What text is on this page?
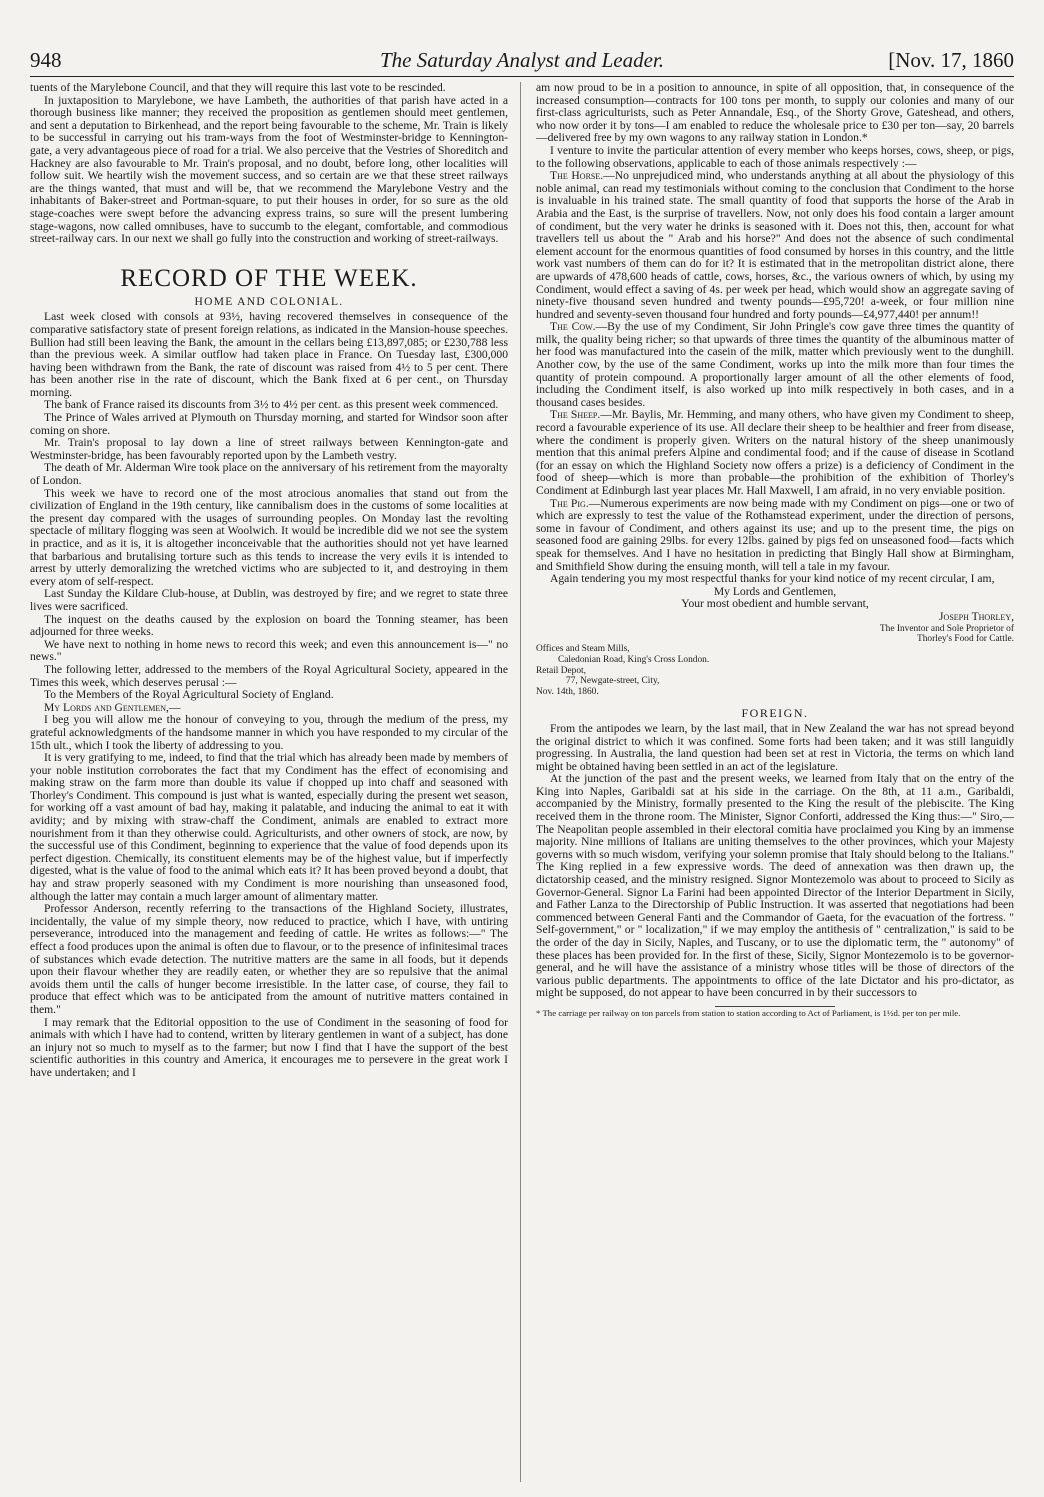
The Saturday Analyst and Leader.
948	[Nov. 17, 1860

tuents of the Marylebone Council, and that they will require this last vote to be rescinded.

In juxtaposition to Marylebone, we have Lambeth, the authorities of that parish have acted in a thorough business like manner; they received the proposition as gentlemen should meet gentlemen, and sent a deputation to Birkenhead, and the report being favourable to the scheme, Mr. Train is likely to be successful in carrying out his tram-ways from the foot of Westminster-bridge to Kennington-gate, a very advantageous piece of road for a trial. We also perceive that the Vestries of Shoreditch and Hackney are also favourable to Mr. Train's proposal, and no doubt, before long, other localities will follow suit. We heartily wish the movement success, and so certain are we that these street railways are the things wanted, that must and will be, that we recommend the Marylebone Vestry and the inhabitants of Baker-street and Portman-square, to put their houses in order, for so sure as the old stage-coaches were swept before the advancing express trains, so sure will the present lumbering stage-wagons, now called omnibuses, have to succumb to the elegant, comfortable, and commodious street-railway cars. In our next we shall go fully into the construction and working of street-railways.

RECORD OF THE WEEK.
HOME AND COLONIAL.

Last week closed with consols at 93½, having recovered themselves in consequence of the comparative satisfactory state of present foreign relations, as indicated in the Mansion-house speeches. Bullion had still been leaving the Bank, the amount in the cellars being £13,897,085; or £230,788 less than the previous week. A similar outflow had taken place in France. On Tuesday last, £300,000 having been withdrawn from the Bank, the rate of discount was raised from 4½ to 5 per cent. There has been another rise in the rate of discount, which the Bank fixed at 6 per cent., on Thursday morning.

The bank of France raised its discounts from 3½ to 4½ per cent. as this present week commenced.

The Prince of Wales arrived at Plymouth on Thursday morning, and started for Windsor soon after coming on shore.

Mr. Train's proposal to lay down a line of street railways between Kennington-gate and Westminster-bridge, has been favourably reported upon by the Lambeth vestry.

The death of Mr. Alderman Wire took place on the anniversary of his retirement from the mayoralty of London.

This week we have to record one of the most atrocious anomalies that stand out from the civilization of England in the 19th century, like cannibalism does in the customs of some localities at the present day compared with the usages of surrounding peoples. On Monday last the revolting spectacle of military flogging was seen at Woolwich. It would be incredible did we not see the system in practice, and as it is, it is altogether inconceivable that the authorities should not yet have learned that barbarious and brutalising torture such as this tends to increase the very evils it is intended to arrest by utterly demoralizing the wretched victims who are subjected to it, and destroying in them every atom of self-respect.

Last Sunday the Kildare Club-house, at Dublin, was destroyed by fire; and we regret to state three lives were sacrificed.

The inquest on the deaths caused by the explosion on board the Tonning steamer, has been adjourned for three weeks.

We have next to nothing in home news to record this week; and even this announcement is—" no news."

The following letter, addressed to the members of the Royal Agricultural Society, appeared in the Times this week, which deserves perusal :—

To the Members of the Royal Agricultural Society of England.

My Lords and Gentlemen,—

I beg you will allow me the honour of conveying to you, through the medium of the press, my grateful acknowledgments of the handsome manner in which you have responded to my circular of the 15th ult., which I took the liberty of addressing to you.

It is very gratifying to me, indeed, to find that the trial which has already been made by members of your noble institution corroborates the fact that my Condiment has the effect of economising and making straw on the farm more than double its value if chopped up into chaff and seasoned with Thorley's Condiment. This compound is just what is wanted, especially during the present wet season, for working off a vast amount of bad hay, making it palatable, and inducing the animal to eat it with avidity; and by mixing with straw-chaff the Condiment, animals are enabled to extract more nourishment from it than they otherwise could. Agriculturists, and other owners of stock, are now, by the successful use of this Condiment, beginning to experience that the value of food depends upon its perfect digestion. Chemically, its constituent elements may be of the highest value, but if imperfectly digested, what is the value of food to the animal which eats it? It has been proved beyond a doubt, that hay and straw properly seasoned with my Condiment is more nourishing than unseasoned food, although the latter may contain a much larger amount of alimentary matter.

Professor Anderson, recently referring to the transactions of the Highland Society, illustrates, incidentally, the value of my simple theory, now reduced to practice, which I have, with untiring perseverance, introduced into the management and feeding of cattle. He writes as follows:—" The effect a food produces upon the animal is often due to flavour, or to the presence of infinitesimal traces of substances which evade detection. The nutritive matters are the same in all foods, but it depends upon their flavour whether they are readily eaten, or whether they are so repulsive that the animal avoids them until the calls of hunger become irresistible. In the latter case, of course, they fail to produce that effect which was to be anticipated from the amount of nutritive matters contained in them."

I may remark that the Editorial opposition to the use of Condiment in the seasoning of food for animals with which I have had to contend, written by literary gentlemen in want of a subject, has done an injury not so much to myself as to the farmer; but now I find that I have the support of the best scientific authorities in this country and America, it encourages me to persevere in the great work I have undertaken; and I

am now proud to be in a position to announce, in spite of all opposition, that, in consequence of the increased consumption—contracts for 100 tons per month, to supply our colonies and many of our first-class agriculturists, such as Peter Annandale, Esq., of the Shorty Grove, Gateshead, and others, who now order it by tons—I am enabled to reduce the wholesale price to £30 per ton—say, 20 barrels—delivered free by my own wagons to any railway station in London.*

I venture to invite the particular attention of every member who keeps horses, cows, sheep, or pigs, to the following observations, applicable to each of those animals respectively :—

The Horse.—No unprejudiced mind, who understands anything at all about the physiology of this noble animal, can read my testimonials without coming to the conclusion that Condiment to the horse is invaluable in his trained state. The small quantity of food that supports the horse of the Arab in Arabia and the East, is the surprise of travellers. Now, not only does his food contain a larger amount of condiment, but the very water he drinks is seasoned with it. Does not this, then, account for what travellers tell us about the " Arab and his horse?" And does not the absence of such condimental element account for the enormous quantities of food consumed by horses in this country, and the little work vast numbers of them can do for it? It is estimated that in the metropolitan district alone, there are upwards of 478,600 heads of cattle, cows, horses, &c., the various owners of which, by using my Condiment, would effect a saving of 4s. per week per head, which would show an aggregate saving of ninety-five thousand seven hundred and twenty pounds—£95,720! a-week, or four million nine hundred and seventy-seven thousand four hundred and forty pounds—£4,977,440! per annum!!

The Cow.—By the use of my Condiment, Sir John Pringle's cow gave three times the quantity of milk, the quality being richer; so that upwards of three times the quantity of the albuminous matter of her food was manufactured into the casein of the milk, matter which previously went to the dunghill. Another cow, by the use of the same Condiment, works up into the milk more than four times the quantity of protein compound. A proportionally larger amount of all the other elements of food, including the Condiment itself, is also worked up into milk respectively in both cases, and in a thousand cases besides.

The Sheep.—Mr. Baylis, Mr. Hemming, and many others, who have given my Condiment to sheep, record a favourable experience of its use. All declare their sheep to be healthier and freer from disease, where the condiment is properly given. Writers on the natural history of the sheep unanimously mention that this animal prefers Alpine and condimental food; and if the cause of disease in Scotland (for an essay on which the Highland Society now offers a prize) is a deficiency of Condiment in the food of sheep—which is more than probable—the prohibition of the exhibition of Thorley's Condiment at Edinburgh last year places Mr. Hall Maxwell, I am afraid, in no very enviable position.

The Pig.—Numerous experiments are now being made with my Condiment on pigs—one or two of which are expressly to test the value of the Rothamstead experiment, under the direction of persons, some in favour of Condiment, and others against its use; and up to the present time, the pigs on seasoned food are gaining 29lbs. for every 12lbs. gained by pigs fed on unseasoned food—facts which speak for themselves. And I have no hesitation in predicting that Bingly Hall show at Birmingham, and Smithfield Show during the ensuing month, will tell a tale in my favour.

Again tendering you my most respectful thanks for your kind notice of my recent circular, I am,

My Lords and Gentlemen,

Your most obedient and humble servant,

Joseph Thorley,

The Inventor and Sole Proprietor of

Thorley's Food for Cattle.

Offices and Steam Mills,
Caledonian Road, King's Cross London.
Retail Depot,
77, Newgate-street, City,
Nov. 14th, 1860.

FOREIGN.

From the antipodes we learn, by the last mail, that in New Zealand the war has not spread beyond the original district to which it was confined. Some forts had been taken; and it was still languidly progressing. In Australia, the land question had been set at rest in Victoria, the terms on which land might be obtained having been settled in an act of the legislature.

At the junction of the past and the present weeks, we learned from Italy that on the entry of the King into Naples, Garibaldi sat at his side in the carriage. On the 8th, at 11 a.m., Garibaldi, accompanied by the Ministry, formally presented to the King the result of the plebiscite. The King received them in the throne room. The Minister, Signor Conforti, addressed the King thus:—" Siro,—The Neapolitan people assembled in their electoral comitia have proclaimed you King by an immense majority. Nine millions of Italians are uniting themselves to the other provinces, which your Majesty governs with so much wisdom, verifying your solemn promise that Italy should belong to the Italians." The King replied in a few expressive words. The deed of annexation was then drawn up, the dictatorship ceased, and the ministry resigned. Signor Montezemolo was about to proceed to Sicily as Governor-General. Signor La Farini had been appointed Director of the Interior Department in Sicily, and Father Lanza to the Directorship of Public Instruction. It was asserted that negotiations had been commenced between General Fanti and the Commandor of Gaeta, for the evacuation of the fortress. " Self-government," or " localization," if we may employ the antithesis of " centralization," is said to be the order of the day in Sicily, Naples, and Tuscany, or to use the diplomatic term, the " autonomy" of these places has been provided for. In the first of these, Sicily, Signor Montezemolo is to be governor-general, and he will have the assistance of a ministry whose titles will be those of directors of the various public departments. The appointments to office of the late Dictator and his pro-dictator, as might be supposed, do not appear to have been concurred in by their successors to

* The carriage per railway on ton parcels from station to station according to Act of Parliament, is 1½d. per ton per mile.
